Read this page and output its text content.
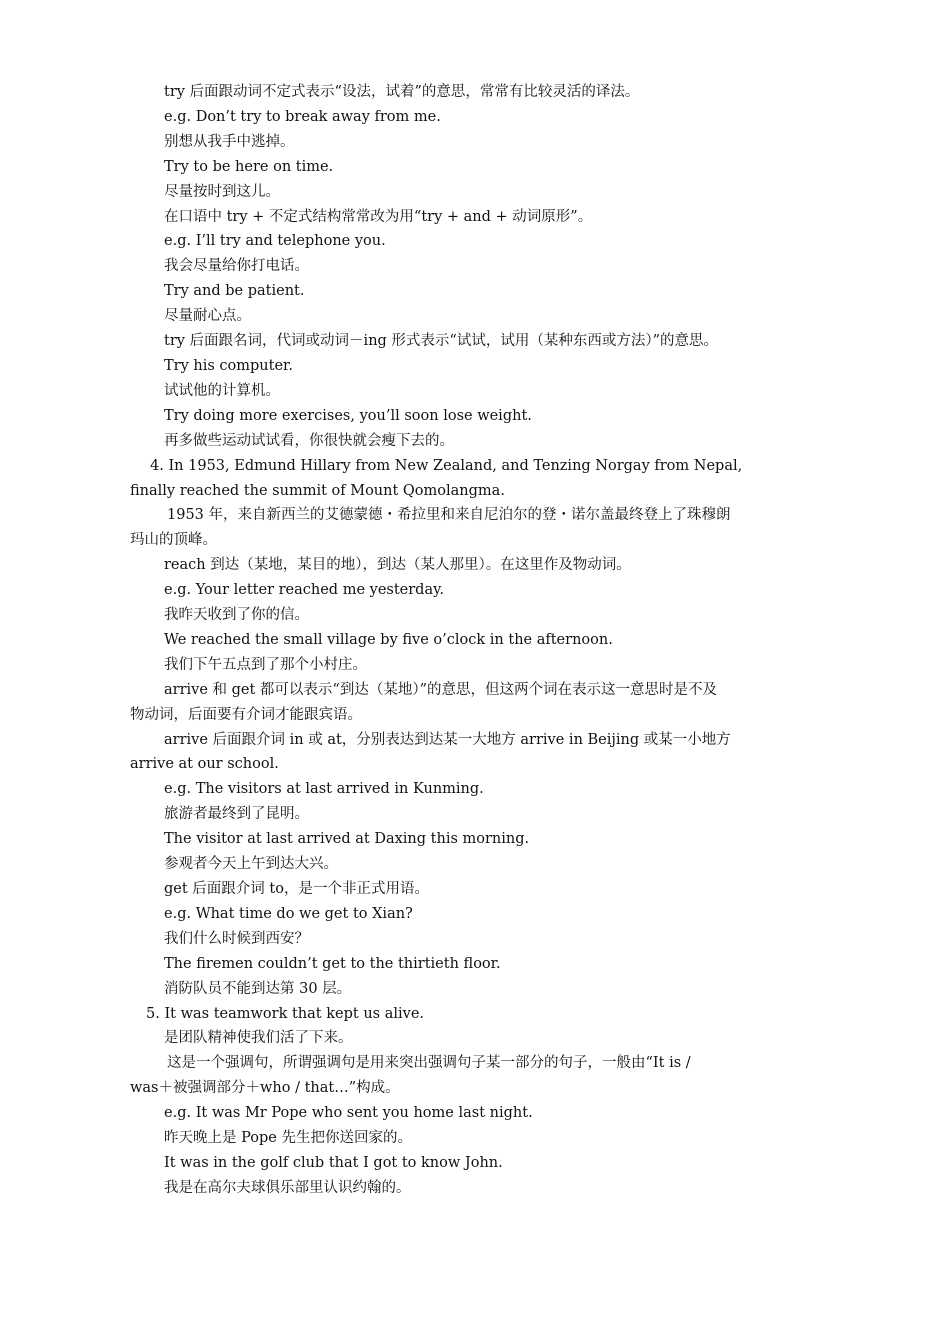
try 后面跟动词不定式表示“设法，试着”的意思，常常有比较灵活的译法。
e.g. Don’t try to break away from me.
别想从我手中逃掉。
Try to be here on time.
尽量按时到这儿。
在口语中 try + 不定式结构常常改为用“try + and + 动词原形”。
e.g. I’ll try and telephone you.
我会尽量给你打电话。
Try and be patient.
尽量耐心点。
try 后面跟名词，代词或动词－ing 形式表示“试试，试用（某种东西或方法）”的意思。
Try his computer.
试试他的计算机。
Try doing more exercises, you’ll soon lose weight.
再多做些运动试试看，你很快就会瘦下去的。
4. In 1953, Edmund Hillary from New Zealand, and Tenzing Norgay from Nepal,
finally reached the summit of Mount Qomolangma.
1953 年，来自新西兰的艾德蒙德・希拉里和来自尼泊尔的登・诺尔盖最终登上了珠穆朗
玛山的顶峰。
reach 到达（某地，某目的地），到达（某人那里）。在这里作及物动词。
e.g. Your letter reached me yesterday.
我昨天收到了你的信。
We reached the small village by five o’clock in the afternoon.
我们下午五点到了那个小村庄。
arrive 和 get 都可以表示“到达（某地）”的意思，但这两个词在表示这一意思时是不及
物动词，后面要有介词才能跟宾语。
arrive 后面跟介词 in 或 at，分别表达到达某一大地方 arrive in Beijing 或某一小地方
arrive at our school.
e.g. The visitors at last arrived in Kunming.
旅游者最终到了昆明。
The visitor at last arrived at Daxing this morning.
参观者今天上午到达大兴。
get 后面跟介词 to，是一个非正式用语。
e.g. What time do we get to Xian?
我们什么时候到西安？
The firemen couldn’t get to the thirtieth floor.
消防队员不能到达第 30 层。
5. It was teamwork that kept us alive.
是团队精神使我们活了下来。
这是一个强调句，所谓强调句是用来突出强调句子某一部分的句子，一般由“It is /
was＋被强调部分＋who / that…”构成。
e.g. It was Mr Pope who sent you home last night.
昨天晚上是 Pope 先生把你送回家的。
It was in the golf club that I got to know John.
我是在高尔夫球俱乐部里认识约翰的。
